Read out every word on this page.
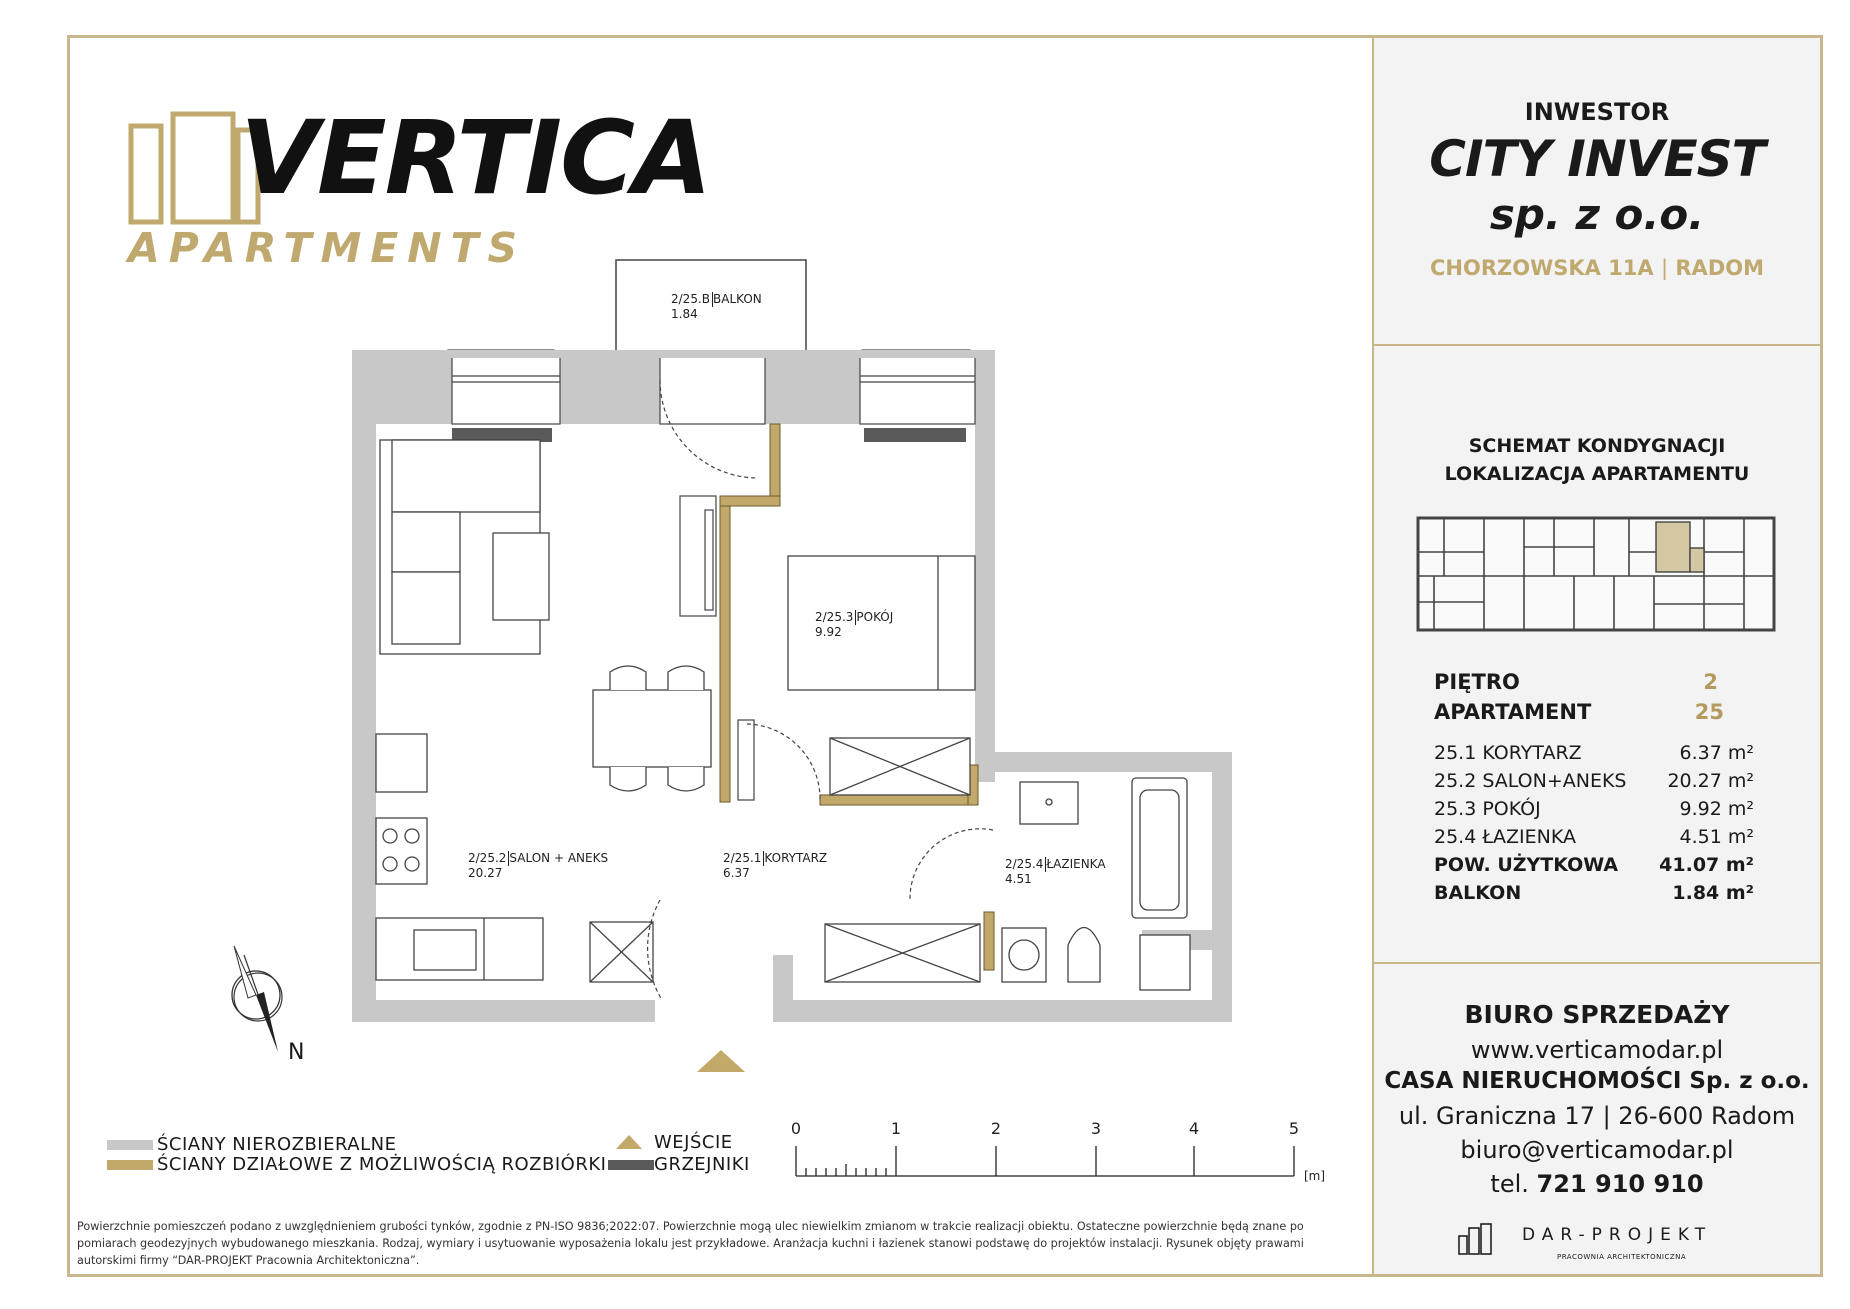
VERTICA
APARTMENTS
INWESTOR
CITY INVEST
sp. z o.o.
CHORZOWSKA 11A | RADOM
SCHEMAT KONDYGNACJI
LOKALIZACJA APARTAMENTU
PIĘTRO	2
APARTAMENT	25
25.1 KORYTARZ	6.37 m²
25.2 SALON+ANEKS 20.27 m²
25.3 POKÓJ	9.92 m²
25.4 ŁAZIENKA	4.51 m²
POW. UŻYTKOWA 41.07 m²
BALKON	1.84 m²
BIURO SPRZEDAŻY
www.verticamodar.pl
CASA NIERUCHOMOŚCI Sp. z o.o.
ul. Graniczna 17 | 26-600 Radom
biuro@verticamodar.pl
tel. 721 910 910
DAR-PROJEKT
PRACOWNIA ARCHITEKTONICZNA
N
2/25.B BALKON
1.84
2/25.3 POKÓJ
9.92
2/25.2 SALON + ANEKS
20.27
2/25.1 KORYTARZ
6.37
2/25.4 ŁAZIENKA
4.51
ŚCIANY NIEROZBIERALNE
ŚCIANY DZIAŁOWE Z MOŻLIWOŚCIĄ ROZBIÓRKI
WEJŚCIE
GRZEJNIKI
0	1	2	3	4	5
[m]
Powierzchnie pomieszczeń podano z uwzględnieniem grubości tynków, zgodnie z PN-ISO 9836;2022:07. Powierzchnie mogą ulec niewielkim zmianom w trakcie realizacji obiektu. Ostateczne powierzchnie będą znane po pomiarach geodezyjnych wybudowanego mieszkania. Rodzaj, wymiary i usytuowanie wyposażenia lokalu jest przykładowe. Aranżacja kuchni i łazienek stanowi podstawę do projektów instalacji. Rysunek objęty prawami autorskimi firmy “DAR-PROJEKT Pracownia Architektoniczna”.
